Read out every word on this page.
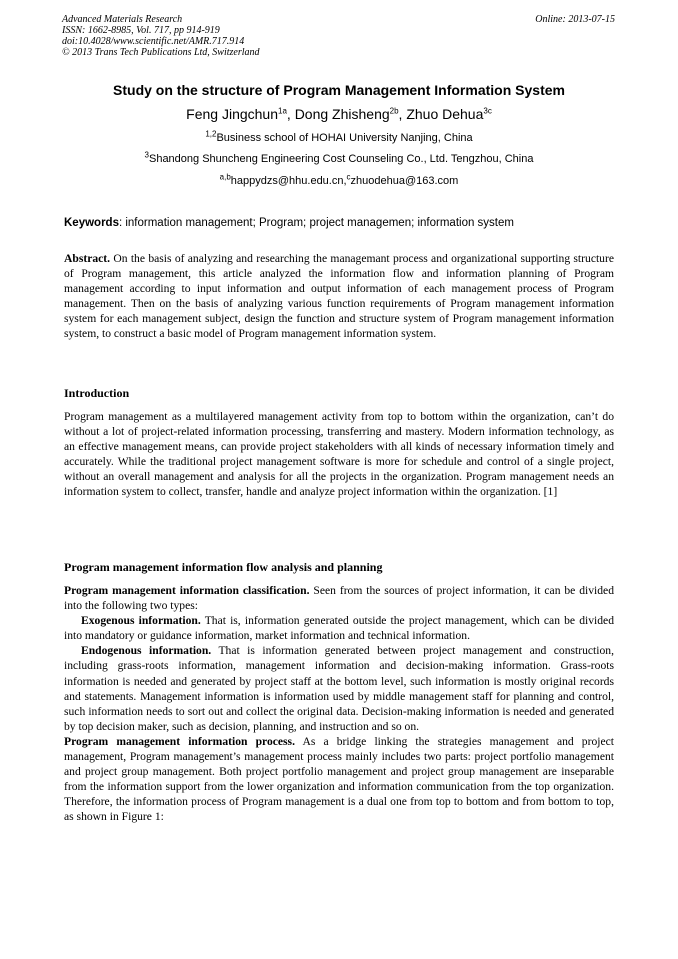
Advanced Materials Research
ISSN: 1662-8985, Vol. 717, pp 914-919
doi:10.4028/www.scientific.net/AMR.717.914
© 2013 Trans Tech Publications Ltd, Switzerland
Online: 2013-07-15
Study on the structure of Program Management Information System
Feng Jingchun$^{1a}$, Dong Zhisheng$^{2b}$, Zhuo Dehua$^{3c}$
$^{1,2}$Business school of HOHAI University Nanjing, China
$^3$Shandong Shuncheng Engineering Cost Counseling Co., Ltd. Tengzhou, China
$^{a,b}$happydzs@hhu.edu.cn,$^c$zhuodehua@163.com
Keywords: information management; Program; project managemen; information system
Abstract. On the basis of analyzing and researching the managemant process and organizational supporting structure of Program management, this article analyzed the information flow and information planning of Program management according to input information and output information of each management process of Program management. Then on the basis of analyzing various function requirements of Program management information system for each management subject, design the function and structure system of Program management information system, to construct a basic model of Program management information system.
Introduction
Program management as a multilayered management activity from top to bottom within the organization, can’t do without a lot of project-related information processing, transferring and mastery. Modern information technology, as an effective management means, can provide project stakeholders with all kinds of necessary information timely and accurately. While the traditional project management software is more for schedule and control of a single project, without an overall management and analysis for all the projects in the organization. Program management needs an information system to collect, transfer, handle and analyze project information within the organization. [1]
Program management information flow analysis and planning
Program management information classification. Seen from the sources of project information, it can be divided into the following two types:
Exogenous information. That is, information generated outside the project management, which can be divided into mandatory or guidance information, market information and technical information.
Endogenous information. That is information generated between project management and construction, including grass-roots information, management information and decision-making information. Grass-roots information is needed and generated by project staff at the bottom level, such information is mostly original records and statements. Management information is information used by middle management staff for planning and control, such information needs to sort out and collect the original data. Decision-making information is needed and generated by top decision maker, such as decision, planning, and instruction and so on.
Program management information process. As a bridge linking the strategies management and project management, Program management’s management process mainly includes two parts: project portfolio management and project group management. Both project portfolio management and project group management are inseparable from the information support from the lower organization and information communication from the top organization. Therefore, the information process of Program management is a dual one from top to bottom and from bottom to top, as shown in Figure 1:
